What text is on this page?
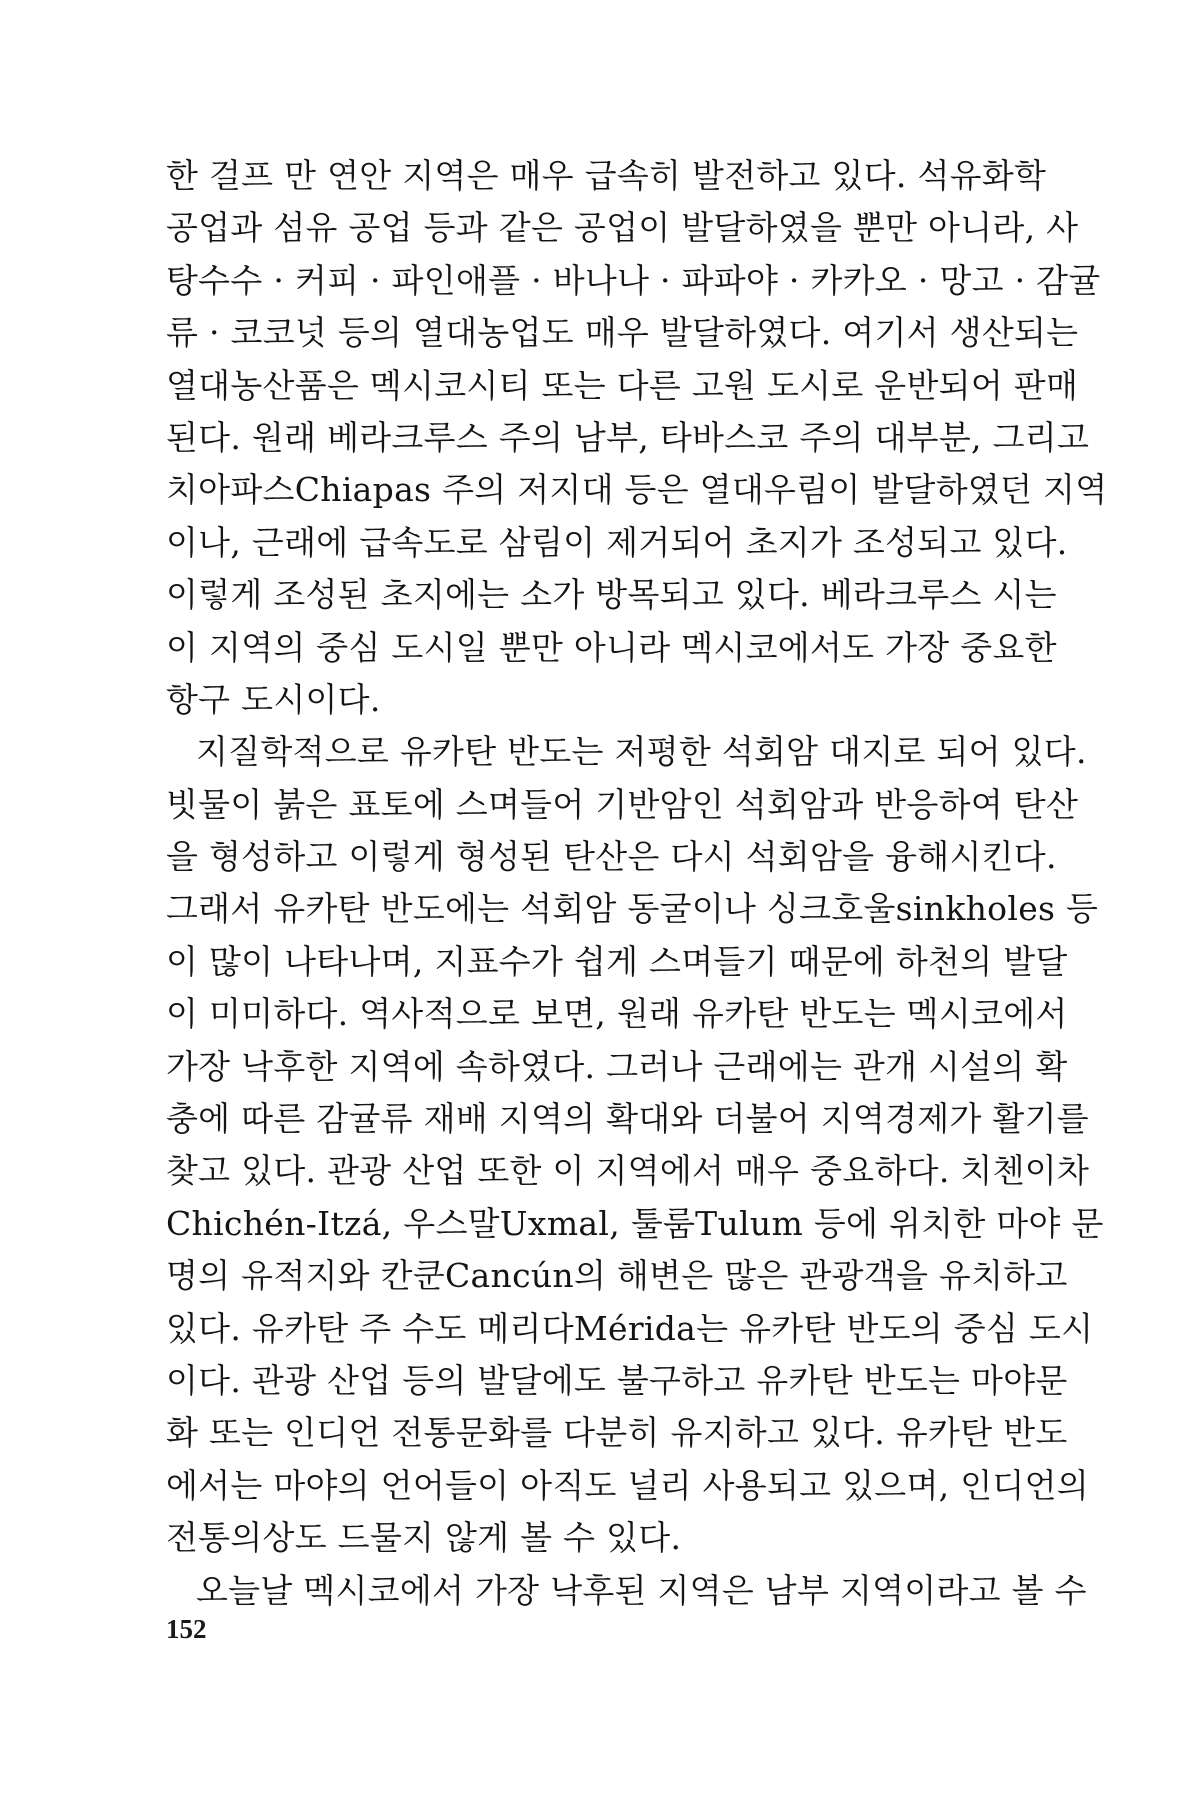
한 걸프 만 연안 지역은 매우 급속히 발전하고 있다. 석유화학
공업과 섬유 공업 등과 같은 공업이 발달하였을 뿐만 아니라, 사
탕수수 · 커피 · 파인애플 · 바나나 · 파파야 · 카카오 · 망고 · 감귤
류 · 코코넛 등의 열대농업도 매우 발달하였다. 여기서 생산되는
열대농산품은 멕시코시티 또는 다른 고원 도시로 운반되어 판매
된다. 원래 베라크루스 주의 남부, 타바스코 주의 대부분, 그리고
치아파스Chiapas 주의 저지대 등은 열대우림이 발달하였던 지역
이나, 근래에 급속도로 삼림이 제거되어 초지가 조성되고 있다.
이렇게 조성된 초지에는 소가 방목되고 있다. 베라크루스 시는
이 지역의 중심 도시일 뿐만 아니라 멕시코에서도 가장 중요한
항구 도시이다.

지질학적으로 유카탄 반도는 저평한 석회암 대지로 되어 있다.
빗물이 붉은 표토에 스며들어 기반암인 석회암과 반응하여 탄산
을 형성하고 이렇게 형성된 탄산은 다시 석회암을 융해시킨다.
그래서 유카탄 반도에는 석회암 동굴이나 싱크호울sinkholes 등
이 많이 나타나며, 지표수가 쉽게 스며들기 때문에 하천의 발달
이 미미하다. 역사적으로 보면, 원래 유카탄 반도는 멕시코에서
가장 낙후한 지역에 속하였다. 그러나 근래에는 관개 시설의 확
충에 따른 감귤류 재배 지역의 확대와 더불어 지역경제가 활기를
찾고 있다. 관광 산업 또한 이 지역에서 매우 중요하다. 치첸이차
Chichén-Itzá, 우스말Uxmal, 툴룸Tulum 등에 위치한 마야 문
명의 유적지와 칸쿤Cancún의 해변은 많은 관광객을 유치하고
있다. 유카탄 주 수도 메리다Mérida는 유카탄 반도의 중심 도시
이다. 관광 산업 등의 발달에도 불구하고 유카탄 반도는 마야문
화 또는 인디언 전통문화를 다분히 유지하고 있다. 유카탄 반도
에서는 마야의 언어들이 아직도 널리 사용되고 있으며, 인디언의
전통의상도 드물지 않게 볼 수 있다.

오늘날 멕시코에서 가장 낙후된 지역은 남부 지역이라고 볼 수

152
